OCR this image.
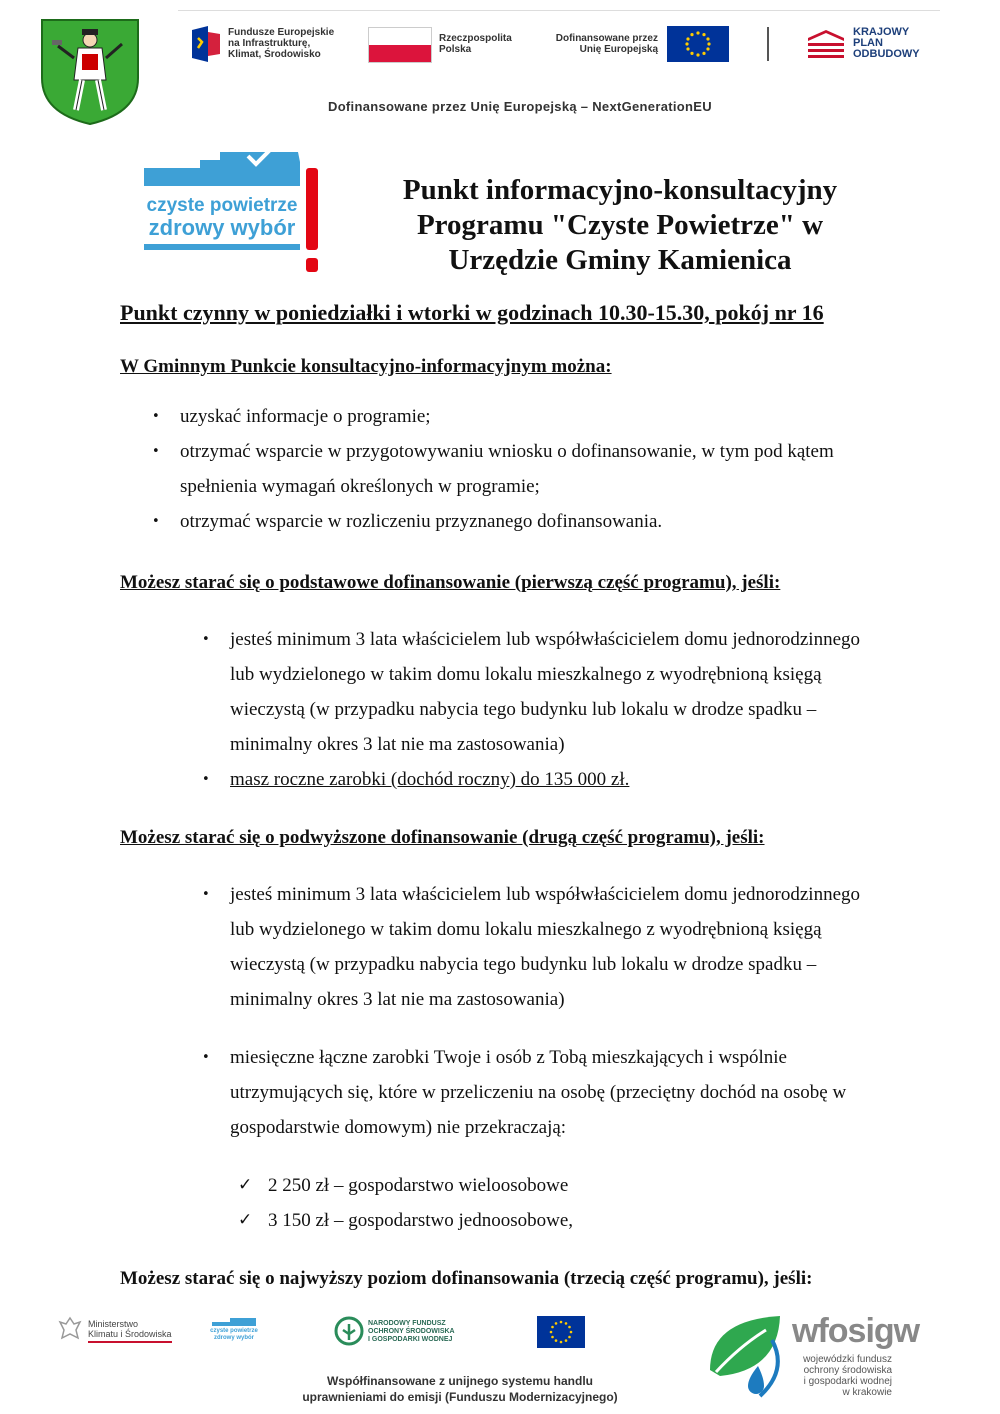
Fundusze Europejskie
na Infrastrukturę,
Klimat, Środowisko
Rzeczpospolita
Polska
Dofinansowane przez
Unię Europejską
KRAJOWY
PLAN
ODBUDOWY
Dofinansowane przez Unię Europejską – NextGenerationEU
czyste powietrze
zdrowy wybór
Punkt informacyjno-konsultacyjny
Programu "Czyste Powietrze" w
Urzędzie Gminy Kamienica
Punkt czynny w poniedziałki i wtorki w godzinach 10.30-15.30, pokój nr 16
W Gminnym Punkcie konsultacyjno-informacyjnym można:
• uzyskać informacje o programie;
• otrzymać wsparcie w przygotowywaniu wniosku o dofinansowanie, w tym pod kątem spełnienia wymagań określonych w programie;
• otrzymać wsparcie w rozliczeniu przyznanego dofinansowania.
Możesz starać się o podstawowe dofinansowanie (pierwszą część programu), jeśli:
• jesteś minimum 3 lata właścicielem lub współwłaścicielem domu jednorodzinnego lub wydzielonego w takim domu lokalu mieszkalnego z wyodrębnioną księgą wieczystą (w przypadku nabycia tego budynku lub lokalu w drodze spadku – minimalny okres 3 lat nie ma zastosowania)
• masz roczne zarobki (dochód roczny) do 135 000 zł.
Możesz starać się o podwyższone dofinansowanie (drugą część programu), jeśli:
• jesteś minimum 3 lata właścicielem lub współwłaścicielem domu jednorodzinnego lub wydzielonego w takim domu lokalu mieszkalnego z wyodrębnioną księgą wieczystą (w przypadku nabycia tego budynku lub lokalu w drodze spadku – minimalny okres 3 lat nie ma zastosowania)
• miesięczne łączne zarobki Twoje i osób z Tobą mieszkających i wspólnie utrzymujących się, które w przeliczeniu na osobę (przeciętny dochód na osobę w gospodarstwie domowym) nie przekraczają:
✓ 2 250 zł – gospodarstwo wieloosobowe
✓ 3 150 zł – gospodarstwo jednoosobowe,
Możesz starać się o najwyższy poziom dofinansowania (trzecią część programu), jeśli:
Ministerstwo
Klimatu i Środowiska	czyste powietrze zdrowy wybór
NARODOWY FUNDUSZ
OCHRONY ŚRODOWISKA
I GOSPODARKI WODNEJ	wfosigw
wojewódzki fundusz
ochrony środowiska
i gospodarki wodnej
w krakowie
Współfinansowane z unijnego systemu handlu
uprawnieniami do emisji (Funduszu Modernizacyjnego)
